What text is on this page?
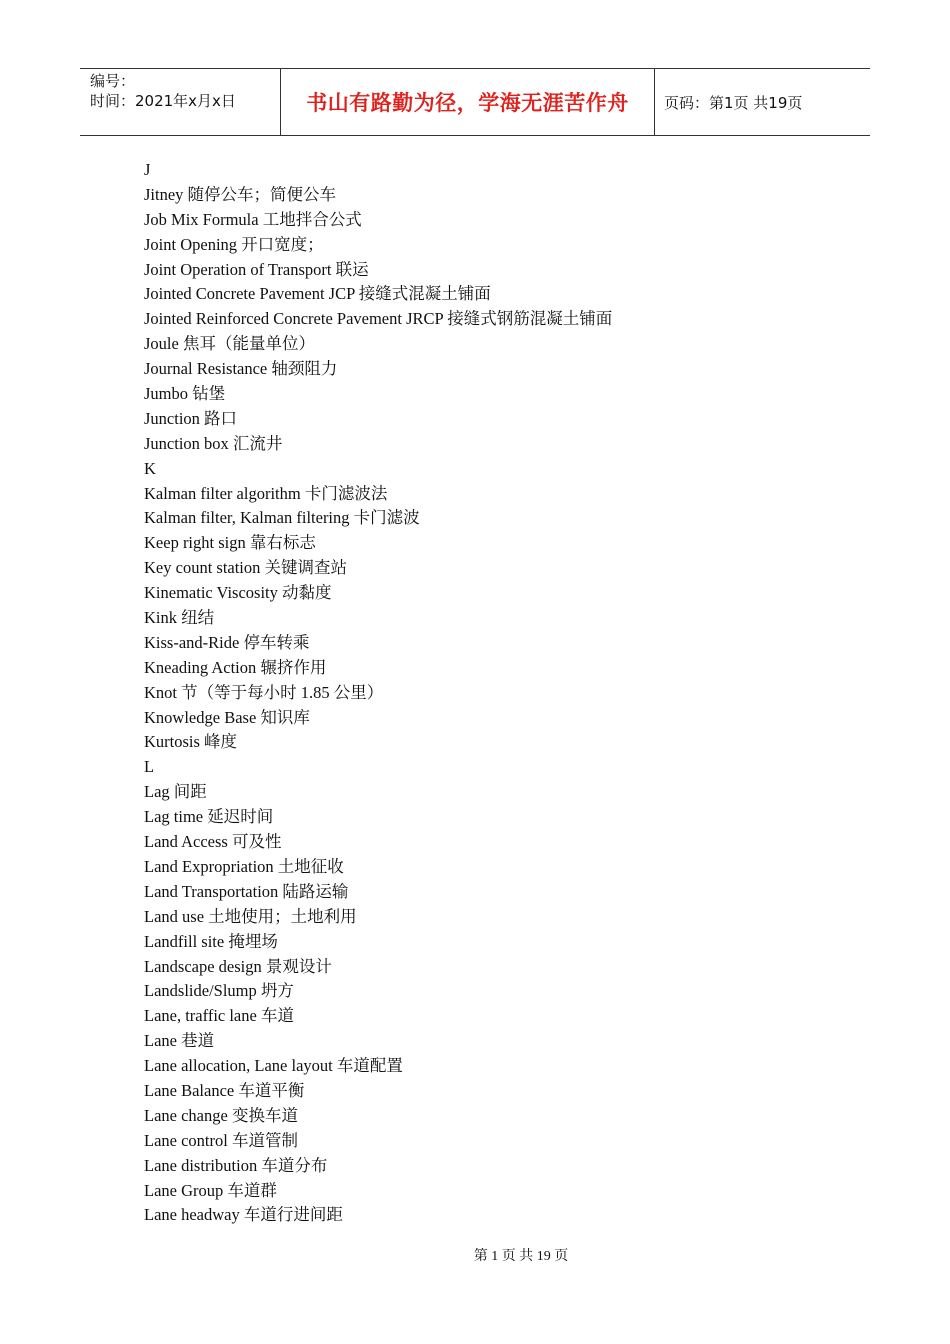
编号：
时间：2021年x月x日	书山有路勤为径，学海无涯苦作舟	页码：第1页 共19页
J
Jitney 随停公车；简便公车
Job Mix Formula 工地拌合公式
Joint Opening 开口宽度；
Joint Operation of Transport 联运
Jointed Concrete Pavement JCP 接缝式混凝土铺面
Jointed Reinforced Concrete Pavement JRCP 接缝式钢筋混凝土铺面
Joule 焦耳（能量单位）
Journal Resistance 轴颈阻力
Jumbo 钻堡
Junction 路口
Junction box 汇流井
K
Kalman filter algorithm 卡门滤波法
Kalman filter, Kalman filtering 卡门滤波
Keep right sign 靠右标志
Key count station 关键调查站
Kinematic Viscosity 动黏度
Kink 纽结
Kiss-and-Ride 停车转乘
Kneading Action 辗挤作用
Knot 节（等于每小时 1.85 公里）
Knowledge Base 知识库
Kurtosis 峰度
L
Lag 间距
Lag time 延迟时间
Land Access 可及性
Land Expropriation 土地征收
Land Transportation 陆路运输
Land use 土地使用；土地利用
Landfill site 掩埋场
Landscape design 景观设计
Landslide/Slump 坍方
Lane, traffic lane 车道
Lane 巷道
Lane allocation, Lane layout 车道配置
Lane Balance 车道平衡
Lane change 变换车道
Lane control 车道管制
Lane distribution 车道分布
Lane Group 车道群
Lane headway 车道行进间距
第 1 页 共 19 页
